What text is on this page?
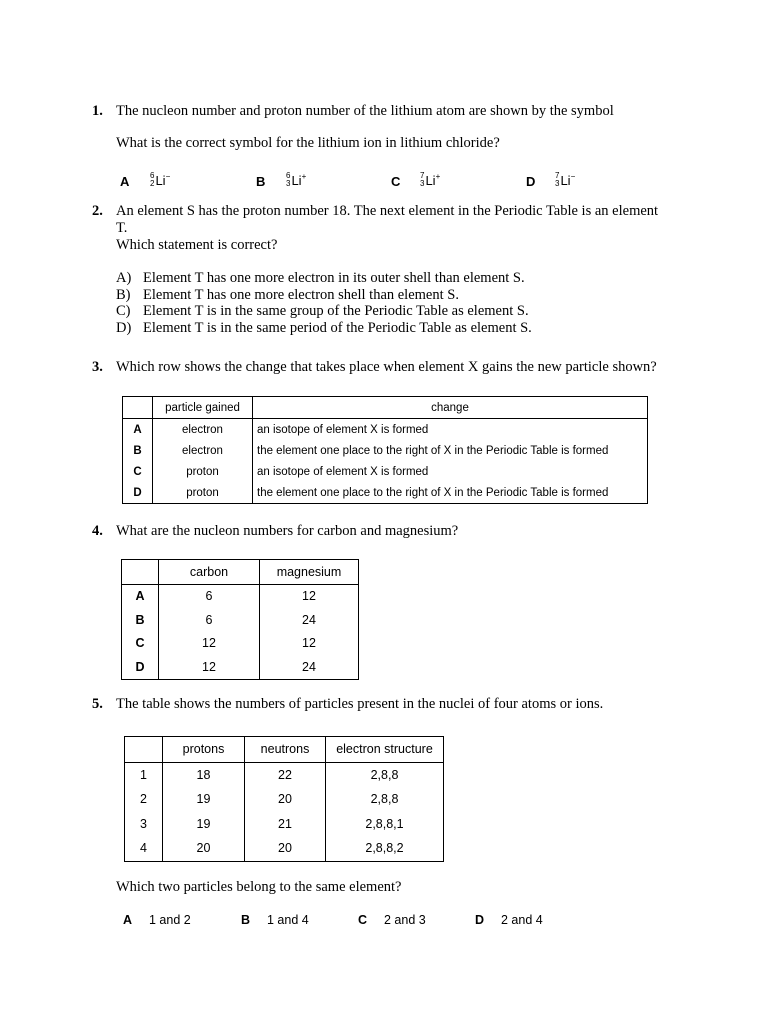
1. The nucleon number and proton number of the lithium atom are shown by the symbol
What is the correct symbol for the lithium ion in lithium chloride?
A	6
2 Li −	B	6
3 Li +	C 7
3 Li +	D 7
3 Li −
2. An element S has the proton number 18. The next element in the Periodic Table is an element
T.
Which statement is correct?
A) Element T has one more electron in its outer shell than element S.
B) Element T has one more electron shell than element S.
C) Element T is in the same group of the Periodic Table as element S.
D) Element T is in the same period of the Periodic Table as element S.
3. Which row shows the change that takes place when element X gains the new particle shown?
	particle gained	change
A	electron	an isotope of element X is formed
B	electron	the element one place to the right of X in the Periodic Table is formed
C	proton	an isotope of element X is formed
D	proton	the element one place to the right of X in the Periodic Table is formed
4. What are the nucleon numbers for carbon and magnesium?
	carbon	magnesium
A	6	12
B	6	24
C	12	12
D	12	24
5. The table shows the numbers of particles present in the nuclei of four atoms or ions.
	protons	neutrons	electron structure
1	18	22	2,8,8
2	19	20	2,8,8
3	19	21	2,8,8,1
4	20	20	2,8,8,2
Which two particles belong to the same element?
A 1 and 2	B 1 and 4	C 2 and 3	D 2 and 4
